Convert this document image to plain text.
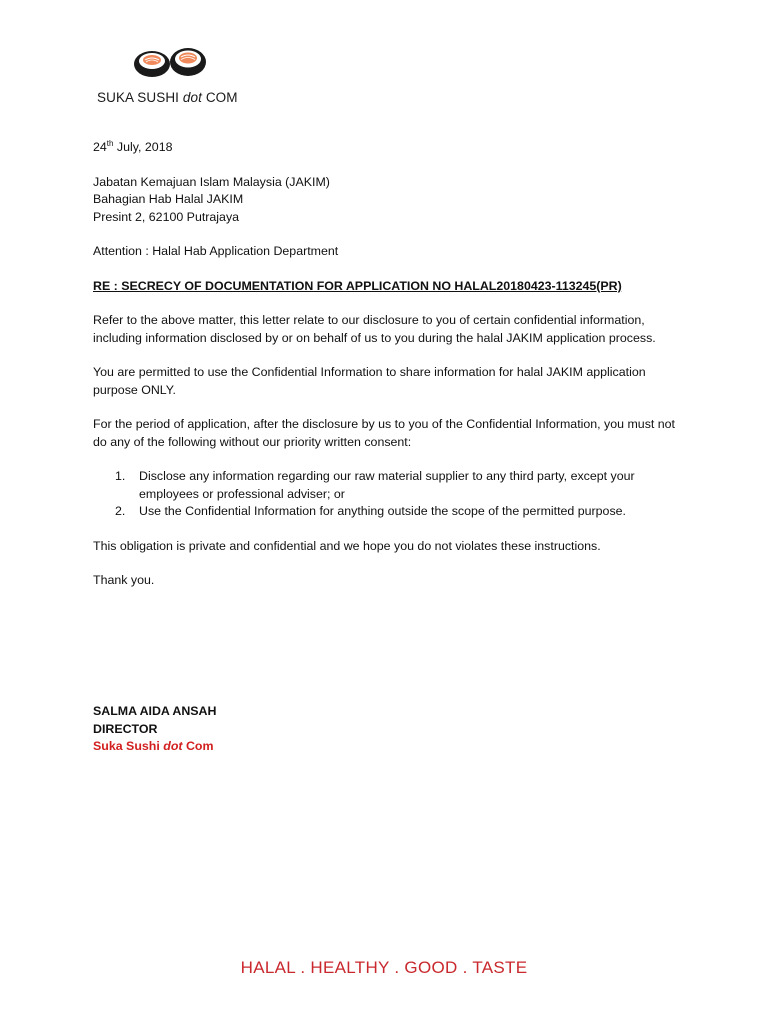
SUKA SUSHI dot COM

24th July, 2018

Jabatan Kemajuan Islam Malaysia (JAKIM)
Bahagian Hab Halal JAKIM
Presint 2, 62100 Putrajaya

Attention : Halal Hab Application Department

RE : SECRECY OF DOCUMENTATION FOR APPLICATION NO HALAL20180423-113245(PR)

Refer to the above matter, this letter relate to our disclosure to you of certain confidential information, including information disclosed by or on behalf of us to you during the halal JAKIM application process.

You are permitted to use the Confidential Information to share information for halal JAKIM application purpose ONLY.

For the period of application, after the disclosure by us to you of the Confidential Information, you must not do any of the following without our priority written consent:

1. Disclose any information regarding our raw material supplier to any third party, except your employees or professional adviser; or
2. Use the Confidential Information for anything outside the scope of the permitted purpose.

This obligation is private and confidential and we hope you do not violates these instructions.

Thank you.

SALMA AIDA ANSAH
DIRECTOR
Suka Sushi dot Com
HALAL . HEALTHY . GOOD . TASTE
